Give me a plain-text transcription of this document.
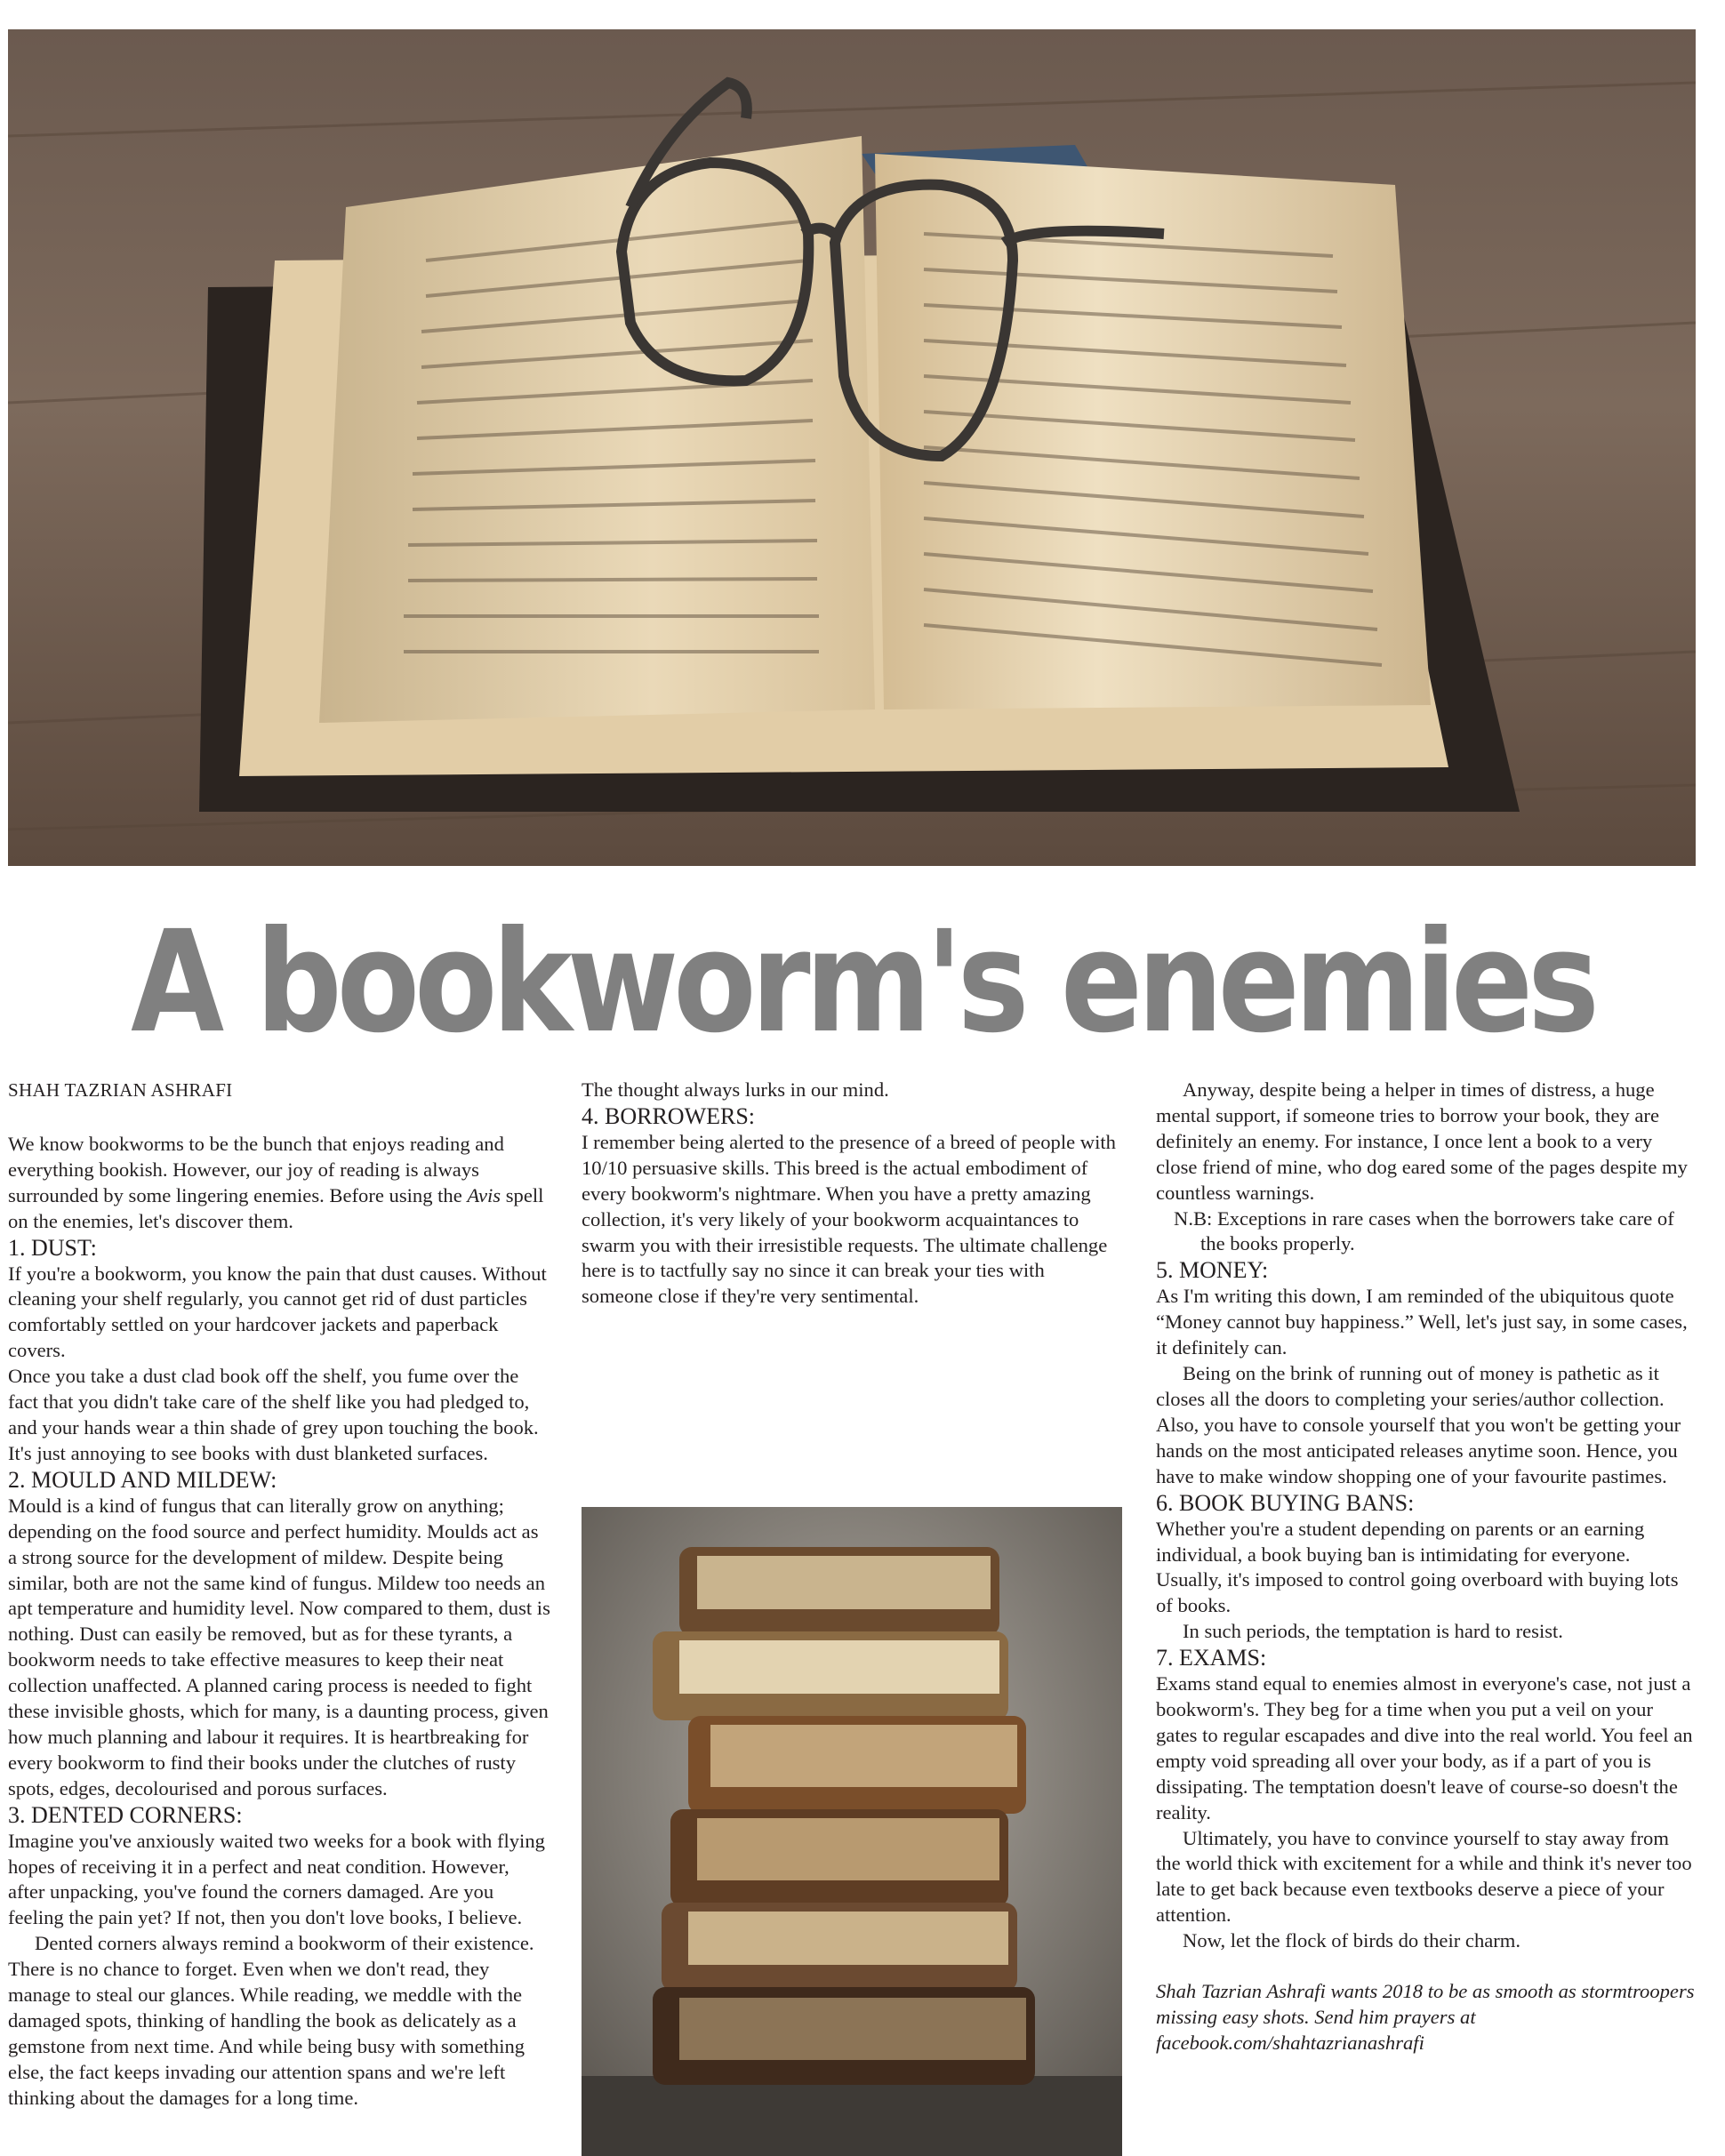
A bookworm's enemies

SHAH TAZRIAN ASHRAFI

We know bookworms to be the bunch that enjoys reading and everything bookish. However, our joy of reading is always surrounded by some lingering enemies. Before using the Avis spell on the enemies, let's discover them.

1. DUST:

If you're a bookworm, you know the pain that dust causes. Without cleaning your shelf regularly, you cannot get rid of dust particles comfortably settled on your hardcover jackets and paperback covers.

Once you take a dust clad book off the shelf, you fume over the fact that you didn't take care of the shelf like you had pledged to, and your hands wear a thin shade of grey upon touching the book. It's just annoying to see books with dust blanketed surfaces.

2. MOULD AND MILDEW:

Mould is a kind of fungus that can literally grow on anything; depending on the food source and perfect humidity. Moulds act as a strong source for the development of mildew. Despite being similar, both are not the same kind of fungus. Mildew too needs an apt temperature and humidity level. Now compared to them, dust is nothing. Dust can easily be removed, but as for these tyrants, a bookworm needs to take effective measures to keep their neat collection unaffected. A planned caring process is needed to fight these invisible ghosts, which for many, is a daunting process, given how much planning and labour it requires. It is heartbreaking for every bookworm to find their books under the clutches of rusty spots, edges, decolourised and porous surfaces.

3. DENTED CORNERS:

Imagine you've anxiously waited two weeks for a book with flying hopes of receiving it in a perfect and neat condition. However, after unpacking, you've found the corners damaged. Are you feeling the pain yet? If not, then you don't love books, I believe.

Dented corners always remind a bookworm of their existence. There is no chance to forget. Even when we don't read, they manage to steal our glances. While reading, we meddle with the damaged spots, thinking of handling the book as delicately as a gemstone from next time. And while being busy with something else, the fact keeps invading our attention spans and we're left thinking about the damages for a long time.

The thought always lurks in our mind.

4. BORROWERS:

I remember being alerted to the presence of a breed of people with 10/10 persuasive skills. This breed is the actual embodiment of every bookworm's nightmare. When you have a pretty amazing collection, it's very likely of your bookworm acquaintances to swarm you with their irresistible requests. The ultimate challenge here is to tactfully say no since it can break your ties with someone close if they're very sentimental.

Anyway, despite being a helper in times of distress, a huge mental support, if someone tries to borrow your book, they are definitely an enemy. For instance, I once lent a book to a very close friend of mine, who dog eared some of the pages despite my countless warnings.

N.B: Exceptions in rare cases when the borrowers take care of the books properly.

5. MONEY:

As I'm writing this down, I am reminded of the ubiquitous quote “Money cannot buy happiness.” Well, let's just say, in some cases, it definitely can.

Being on the brink of running out of money is pathetic as it closes all the doors to completing your series/author collection. Also, you have to console yourself that you won't be getting your hands on the most anticipated releases anytime soon. Hence, you have to make window shopping one of your favourite pastimes.

6. BOOK BUYING BANS:

Whether you're a student depending on parents or an earning individual, a book buying ban is intimidating for everyone. Usually, it's imposed to control going overboard with buying lots of books.

In such periods, the temptation is hard to resist.

7. EXAMS:

Exams stand equal to enemies almost in everyone's case, not just a bookworm's. They beg for a time when you put a veil on your gates to regular escapades and dive into the real world. You feel an empty void spreading all over your body, as if a part of you is dissipating. The temptation doesn't leave of course-so doesn't the reality.

Ultimately, you have to convince yourself to stay away from the world thick with excitement for a while and think it's never too late to get back because even textbooks deserve a piece of your attention.

Now, let the flock of birds do their charm.

Shah Tazrian Ashrafi wants 2018 to be as smooth as stormtroopers missing easy shots. Send him prayers at facebook.com/shahtazrianashrafi
